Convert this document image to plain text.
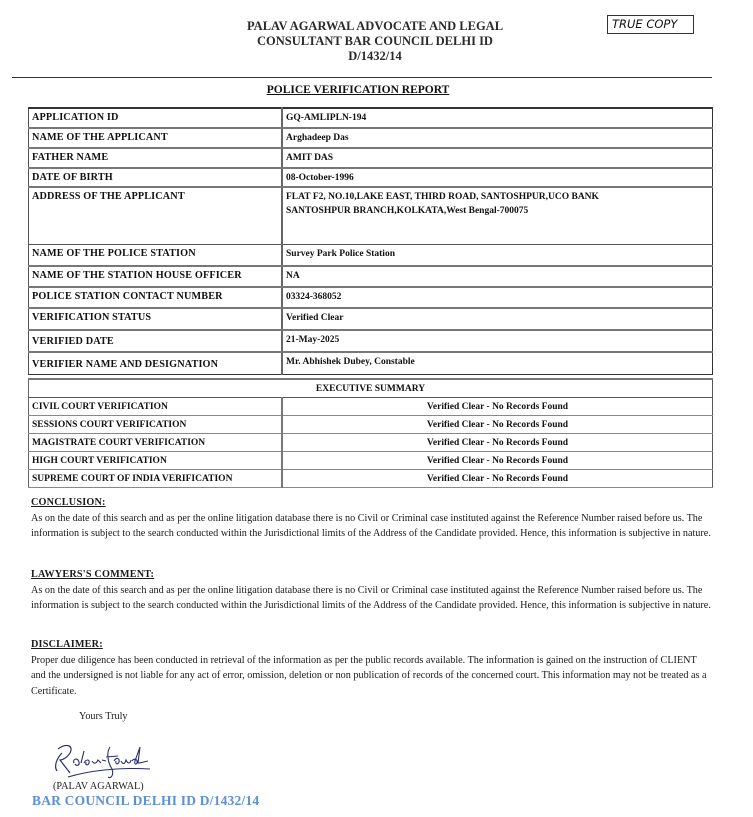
PALAV AGARWAL ADVOCATE AND LEGAL CONSULTANT BAR COUNCIL DELHI ID D/1432/14
TRUE COPY
POLICE VERIFICATION REPORT
APPLICATION ID	GQ-AMLIPLN-194
NAME OF THE APPLICANT	Arghadeep Das
FATHER NAME	AMIT DAS
DATE OF BIRTH	08-October-1996
ADDRESS OF THE APPLICANT	FLAT F2, NO.10,LAKE EAST, THIRD ROAD, SANTOSHPUR,UCO BANK SANTOSHPUR BRANCH,KOLKATA,West Bengal-700075
NAME OF THE POLICE STATION	Survey Park Police Station
NAME OF THE STATION HOUSE OFFICER	NA
POLICE STATION CONTACT NUMBER	03324-368052
VERIFICATION STATUS	Verified Clear
VERIFIED DATE	21-May-2025
VERIFIER NAME AND DESIGNATION	Mr. Abhishek Dubey, Constable
EXECUTIVE SUMMARY	
CIVIL COURT VERIFICATION	Verified Clear - No Records Found
SESSIONS COURT VERIFICATION	Verified Clear - No Records Found
MAGISTRATE COURT VERIFICATION	Verified Clear - No Records Found
HIGH COURT VERIFICATION	Verified Clear - No Records Found
SUPREME COURT OF INDIA VERIFICATION	Verified Clear - No Records Found
CONCLUSION:
As on the date of this search and as per the online litigation database there is no Civil or Criminal case instituted against the Reference Number raised before us. The information is subject to the search conducted within the Jurisdictional limits of the Address of the Candidate provided. Hence, this information is subjective in nature.
LAWYERS'S COMMENT:
As on the date of this search and as per the online litigation database there is no Civil or Criminal case instituted against the Reference Number raised before us. The information is subject to the search conducted within the Jurisdictional limits of the Address of the Candidate provided. Hence, this information is subjective in nature.
DISCLAIMER:
Proper due diligence has been conducted in retrieval of the information as per the public records available. The information is gained on the instruction of CLIENT and the undersigned is not liable for any act of error, omission, deletion or non publication of records of the concerned court. This information may not be treated as a Certificate.
Yours Truly
(PALAV AGARWAL)
BAR COUNCIL DELHI ID D/1432/14
